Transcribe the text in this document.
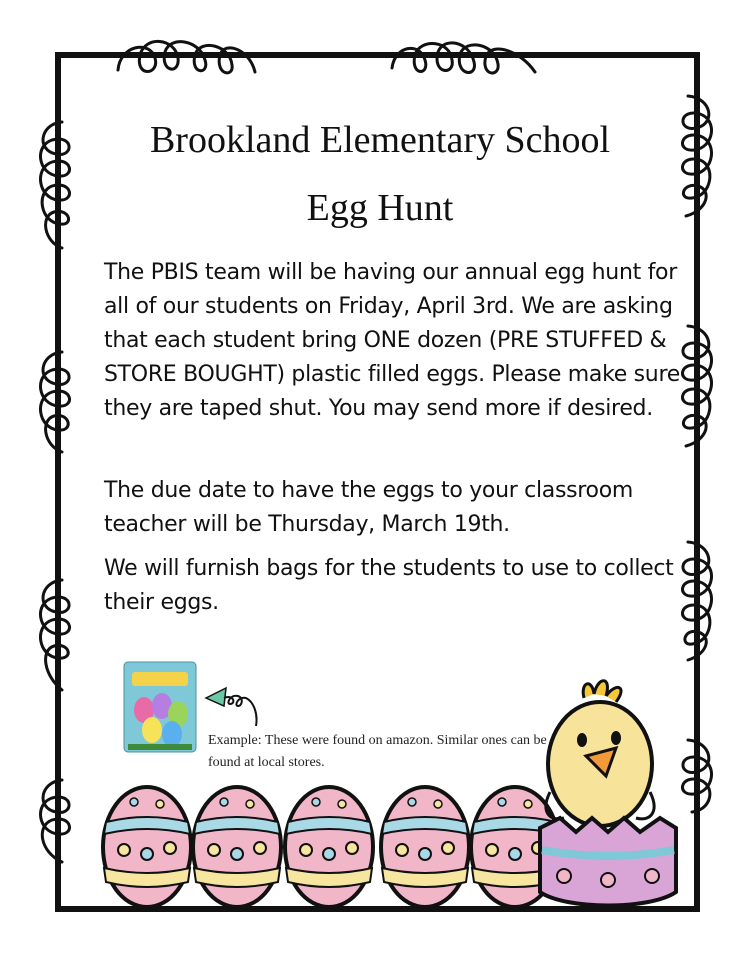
Brookland Elementary School
Egg Hunt
The PBIS team will be having our annual egg hunt for all of our students on Friday, April 3rd. We are asking that each student bring ONE dozen (PRE STUFFED & STORE BOUGHT) plastic filled eggs. Please make sure they are taped shut. You may send more if desired.
The due date to have the eggs to your classroom teacher will be Thursday, March 19th.
We will furnish bags for the students to use to collect their eggs.
Example: These were found on amazon. Similar ones can be found at local stores.
